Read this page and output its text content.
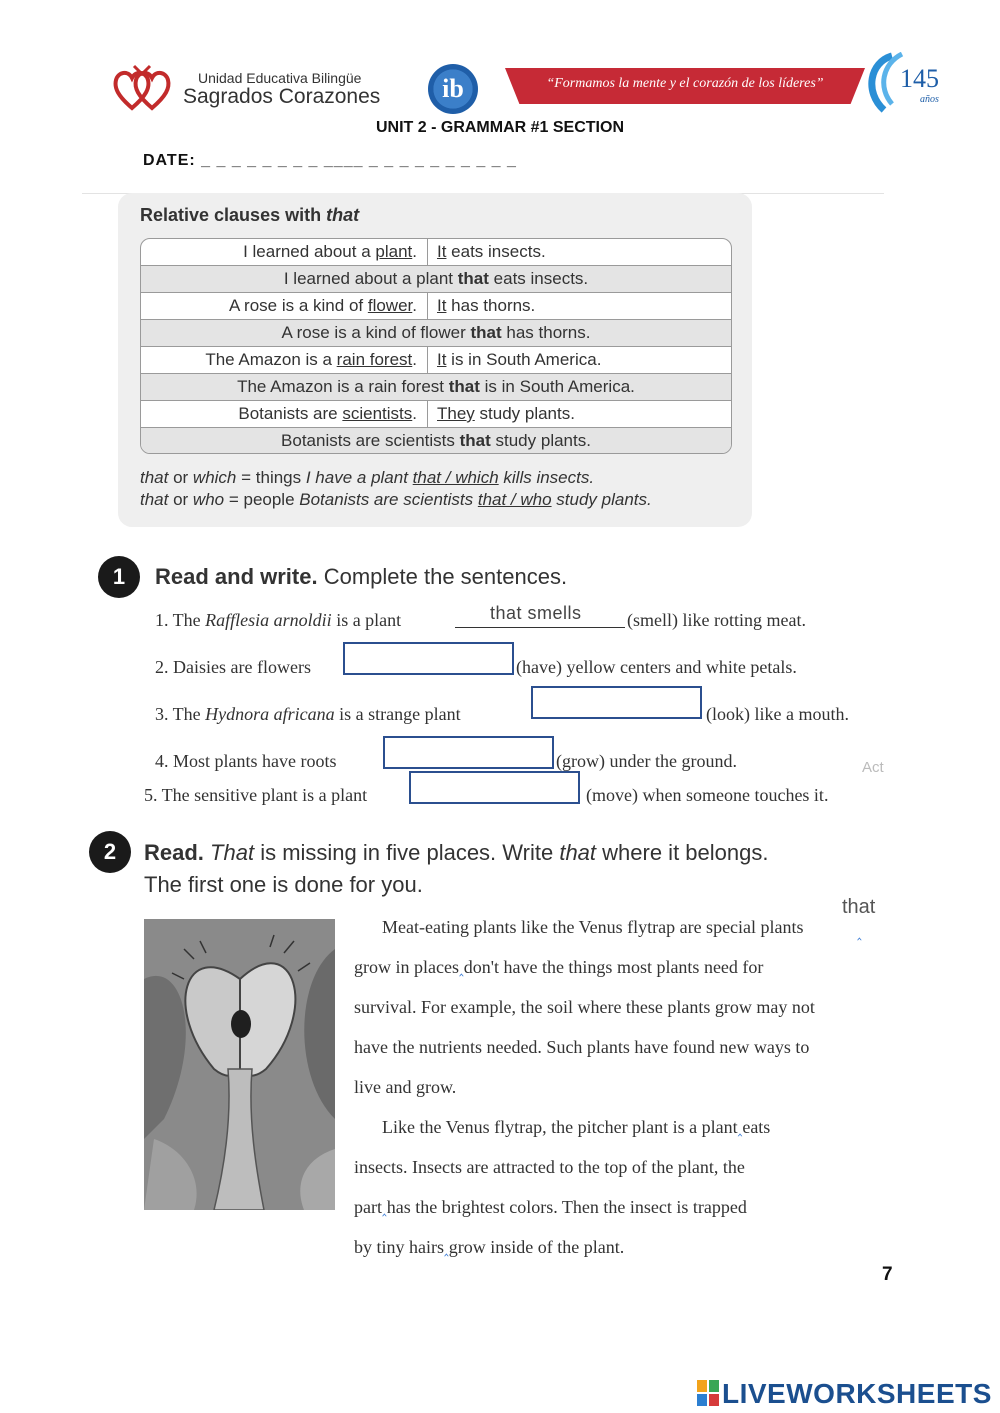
Unidad Educativa Bilingüe
Sagrados Corazones	ib	“Formamos la mente y el corazón de los líderes”	145
años
UNIT 2 - GRAMMAR #1 SECTION
DATE: _ _ _ _ _ _ _ _ ____ _ _ _ _ _ _ _ _ _ _
Relative clauses with that
I learned about a plant.	It eats insects.
I learned about a plant that eats insects.
A rose is a kind of flower.	It has thorns.
A rose is a kind of flower that has thorns.
The Amazon is a rain forest.	It is in South America.
The Amazon is a rain forest that is in South America.
Botanists are scientists.	They study plants.
Botanists are scientists that study plants.
that or which = things I have a plant that / which kills insects.
that or who = people Botanists are scientists that / who study plants.
1	Read and write. Complete the sentences.
1. The Rafflesia arnoldii is a plant	that smells	(smell) like rotting meat.
2. Daisies are flowers	(have) yellow centers and white petals.
3. The Hydnora africana is a strange plant	(look) like a mouth.
4. Most plants have roots	(grow) under the ground.	Act
5. The sensitive plant is a plant	(move) when someone touches it.
2	Read. That is missing in five places. Write that where it belongs.
The first one is done for you.
that
‸
Meat-eating plants like the Venus flytrap are special plants
grow in places‸don't have the things most plants need for
survival. For example, the soil where these plants grow may not
have the nutrients needed. Such plants have found new ways to
live and grow.
Like the Venus flytrap, the pitcher plant is a plant‸eats
insects. Insects are attracted to the top of the plant, the
part‸has the brightest colors. Then the insect is trapped
by tiny hairs‸grow inside of the plant.
7
LIVEWORKSHEETS
